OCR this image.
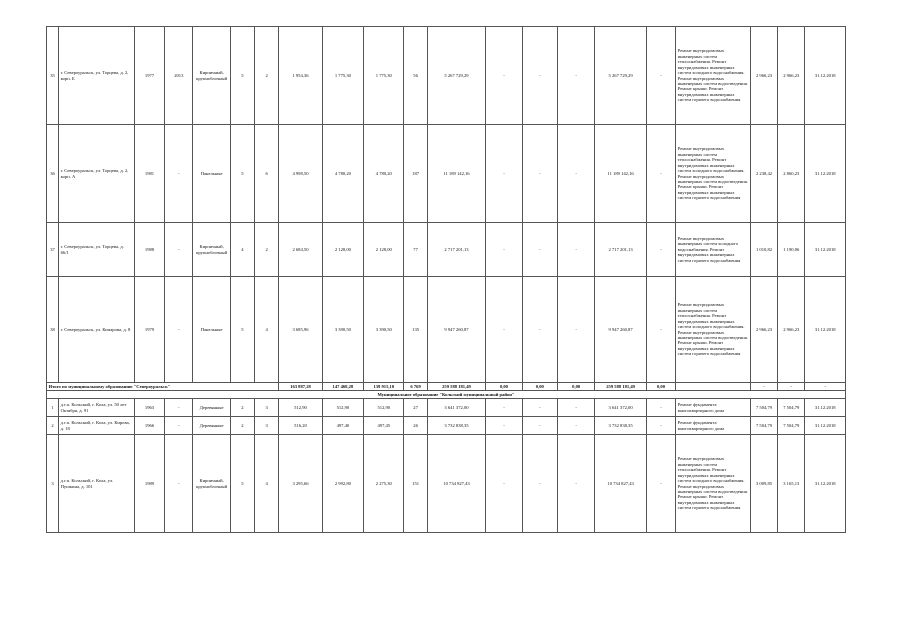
35	г. Североуральск, ул. Торцева, д. 2, корп. Б	1977	2013	Кирпичный, крупноблочный	5	2	1 954,36	1 775,30	1 775,30	56	5 267 729,29	-	-	-	5 267 729,29	-	Ремонт внутридомовых инженерных систем теплоснабжения. Ремонт внутридомовых инженерных систем холодного водоснабжения. Ремонт внутридомовых инженерных систем водоотведения. Ремонт крыши. Ремонт внутридомовых инженерных систем горячего водоснабжения	2 966,23	2 966,23	31.12.2018
36	г. Североуральск, ул. Торцева, д. 2, корп. А	1981	-	Панельные	5	6	4 998,50	4 780,20	4 780,20	187	11 189 142,16	-	-	-	11 189 142,16	-	Ремонт внутридомовых инженерных систем теплоснабжения. Ремонт внутридомовых инженерных систем холодного водоснабжения. Ремонт внутридомовых инженерных систем водоотведения. Ремонт крыши. Ремонт внутридомовых инженерных систем горячего водоснабжения	2 238,42	2 860,23	31.12.2018
37	г. Североуральск, ул. Торцева, д. 66/1	1988	-	Кирпичный, крупноблочный	4	2	2 684,50	2 128,00	2 128,00	77	2 717 201,13	-	-	-	2 717 201,13	-	Ремонт внутридомовых инженерных систем холодного водоснабжения. Ремонт внутридомовых инженерных систем горячего водоснабжения	1 010,82	1 190,06	31.12.2018
38	г. Североуральск, ул. Комарова, д. 8	1979	-	Панельные	5	4	3 685,96	3 390,50	3 390,50	135	9 947 260,87	-	-	-	9 947 260,87	-	Ремонт внутридомовых инженерных систем теплоснабжения. Ремонт внутридомовых инженерных систем холодного водоснабжения. Ремонт внутридомовых инженерных систем водоотведения. Ремонт крыши. Ремонт внутридомовых инженерных систем горячего водоснабжения	2 966,23	2 966,23	31.12.2018
Итого по муниципальному образованию "Североуральск"							163 887,28	147 468,28	139 915,10	6 769	259 588 181,49	0,00	0,00	0,00	259 588 181,49	0,00		-	-	-
Муниципальное образование "Кольский муниципальный район"																				
1	д.г.п. Кольский, г. Кола, ул. 50 лет Октября, д. 91	1963	-	Деревянные	2	3	512,90	512,90	512,90	27	3 641 372,00	-	-	-	3 641 372,00	-	Ремонт фундамента многоквартирного дома	7 504,79	7 504,79	31.12.2018
2	д.г.п. Кольский, г. Кола, ул. Кирова, д. 18	1966	-	Деревянные	2	3	516,20	497,40	497,45	26	3 732 838,35	-	-	-	3 732 838,35	-	Ремонт фундамента многоквартирного дома	7 504,79	7 504,79	31.12.2018
3	д.г.п. Кольский, г. Кола, ул. Пушкина, д. 101	1989	-	Кирпичный, крупноблочный	5	4	3 295,66	2 992,80	2 275,30	151	10 734 827,43	-	-	-	10 734 827,43	-	Ремонт внутридомовых инженерных систем теплоснабжения. Ремонт внутридомовых инженерных систем холодного водоснабжения. Ремонт внутридомовых инженерных систем водоотведения. Ремонт крыши. Ремонт внутридомовых инженерных систем горячего водоснабжения	3 009,85	3 165,13	31.12.2018
